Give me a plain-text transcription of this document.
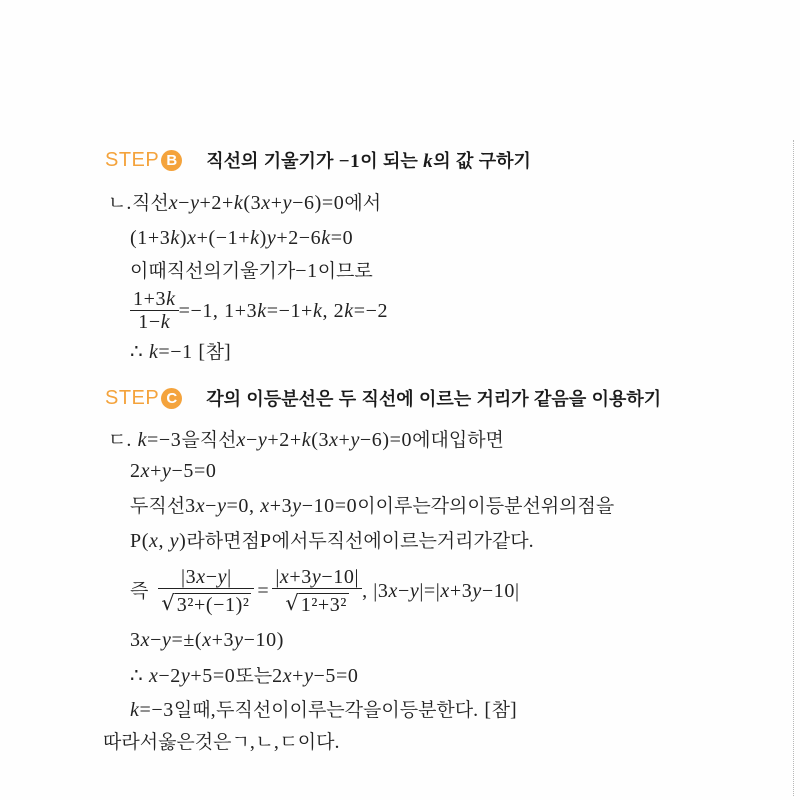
STEP B 직선의 기울기가 −1이 되는 k의 값 구하기
ㄴ . 직선 x−y+2+k(3x+y−6)=0 에서
(1+3k)x+(−1+k)y+2−6k=0
이때
직선의
기울기가 −1 이므로
$\frac{1+3k}{1-k} =-1$, 1+3k=−1+k, 2k=−2
∴ k=−1 [ 참 ]
STEP C 각의 이등분선은 두 직선에 이르는 거리가 같음을 이용하기
ㄷ . k=−3 을
직선 x−y+2+k(3x+y−6)=0 에
대입하면
2x+y−5=0
두
직선 3x−y=0, x+3y−10=0 이
이루는
각의
이등분선
위의
점을
P(x, y) 라
하면
점 P 에서
두
직선에
이르는
거리가
같다 .
즉 $\frac{|3x-y|}{\text{√ 3²+(−1)²}} = \frac{|x+3y-10|}{\text{√ 1²+3²}}$ , |3x−y|=|x+3y−10|
3x−y=±(x+3y−10)
∴ x−2y+5=0 또는 2x+y−5=0
k=−3 일
때 , 두
직선이
이루는
각을
이등분한다 . [ 참 ]
따라서
옳은
것은
ㄱ , ㄴ , ㄷ이다 .
